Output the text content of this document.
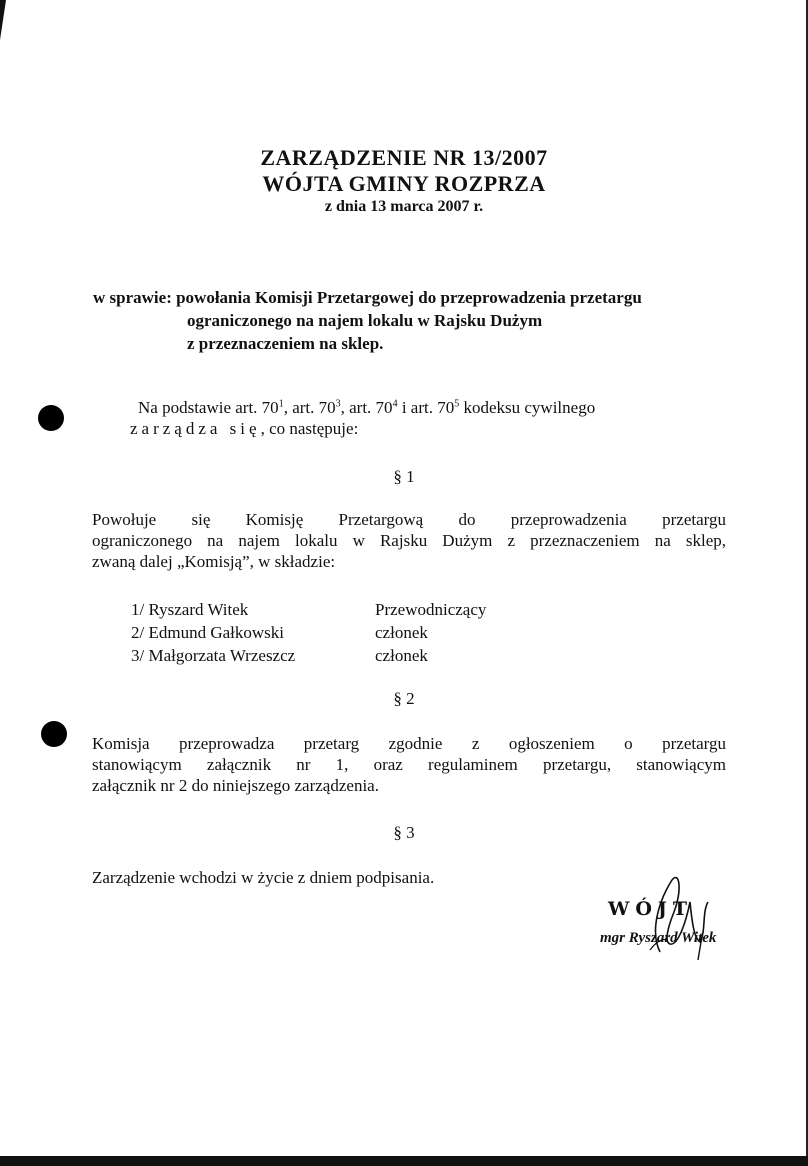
ZARZĄDZENIE NR 13/2007
WÓJTA GMINY ROZPRZA
z dnia 13 marca 2007 r.
w sprawie: powołania Komisji Przetargowej do przeprowadzenia przetargu
ograniczonego na najem lokalu w Rajsku Dużym
z przeznaczeniem na sklep.
Na podstawie art. $70^1$, art. $70^3$, art. $70^4$ i art. $70^5$ kodeksu cywilnego
zarządza się, co następuje:
§ 1
Powołuje się Komisję Przetargową do przeprowadzenia przetargu
ograniczonego na najem lokalu w Rajsku Dużym z przeznaczeniem na sklep,
zwaną dalej „Komisją”, w składzie:
1/ Ryszard Witek	Przewodniczący
2/ Edmund Gałkowski	członek
3/ Małgorzata Wrzeszcz	członek
§ 2
Komisja przeprowadza przetarg zgodnie z ogłoszeniem o przetargu
stanowiącym załącznik nr 1, oraz regulaminem przetargu, stanowiącym
załącznik nr 2 do niniejszego zarządzenia.
§ 3
Zarządzenie wchodzi w życie z dniem podpisania.
WÓJT
mgr Ryszard Witek
